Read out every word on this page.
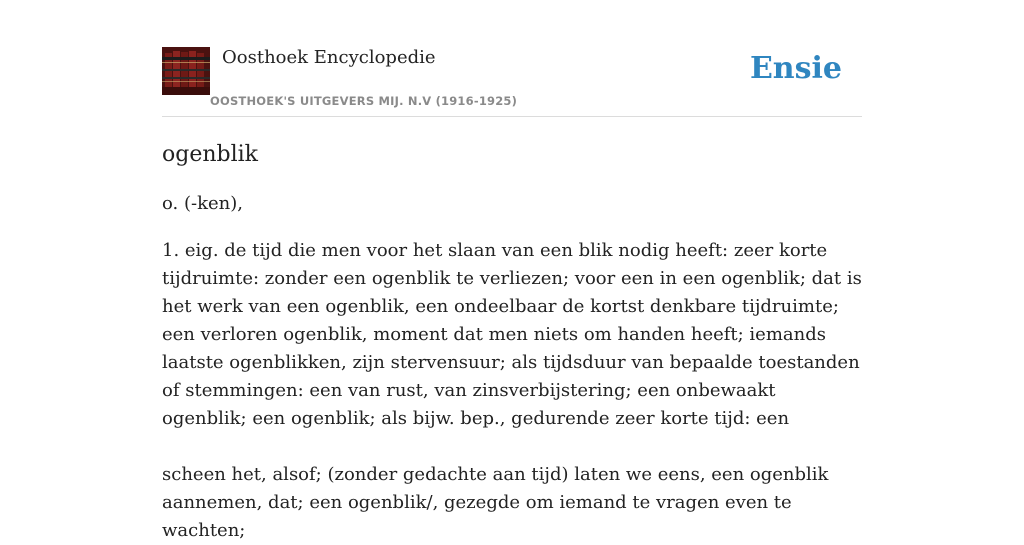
Oosthoek Encyclopedie
OOSTHOEK'S UITGEVERS MIJ. N.V (1916-1925)
Ensie
ogenblik

o. (-ken),

1. eig. de tijd die men voor het slaan van een blik nodig heeft: zeer korte tijdruimte: zonder een ogenblik te verliezen; voor een in een ogenblik; dat is het werk van een ogenblik, een ondeelbaar de kortst denkbare tijdruimte; een verloren ogenblik, moment dat men niets om handen heeft; iemands laatste ogenblikken, zijn stervensuur; als tijdsduur van bepaalde toestanden of stemmingen: een van rust, van zinsverbijstering; een onbewaakt ogenblik; een ogenblik; als bijw. bep., gedurende zeer korte tijd: een

scheen het, alsof; (zonder gedachte aan tijd) laten we eens, een ogenblik aannemen, dat; een ogenblik/, gezegde om iemand te vragen even te wachten;
